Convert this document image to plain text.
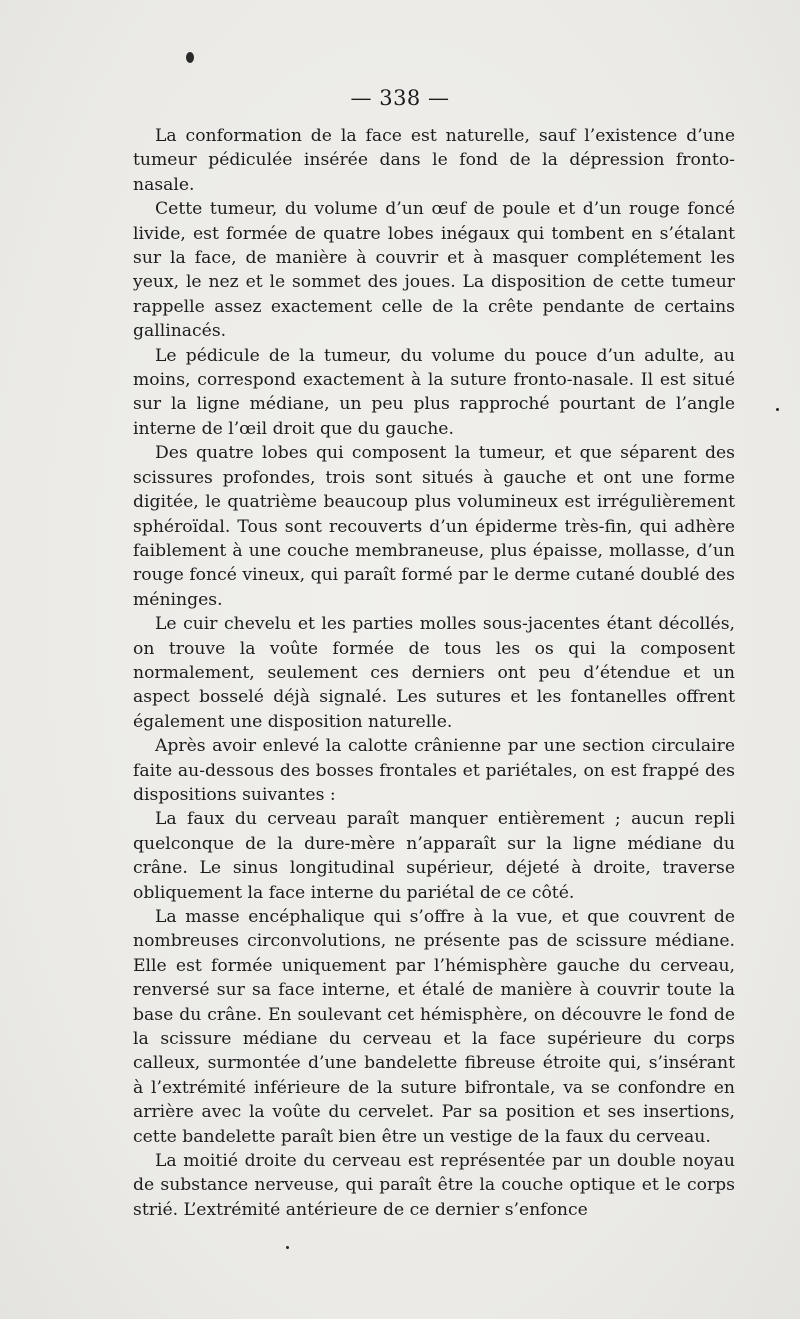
— 338 —

La conformation de la face est naturelle, sauf l’existence d’une tumeur pédiculée insérée dans le fond de la dépression fronto-nasale.

Cette tumeur, du volume d’un œuf de poule et d’un rouge foncé livide, est formée de quatre lobes inégaux qui tombent en s’étalant sur la face, de manière à couvrir et à masquer complétement les yeux, le nez et le sommet des joues. La disposition de cette tumeur rappelle assez exactement celle de la crête pendante de certains gallinacés.

Le pédicule de la tumeur, du volume du pouce d’un adulte, au moins, correspond exactement à la suture fronto-nasale. Il est situé sur la ligne médiane, un peu plus rapproché pourtant de l’angle interne de l’œil droit que du gauche.

Des quatre lobes qui composent la tumeur, et que séparent des scissures profondes, trois sont situés à gauche et ont une forme digitée, le quatrième beaucoup plus volumineux est irrégulièrement sphéroïdal. Tous sont recouverts d’un épiderme très-fin, qui adhère faiblement à une couche membraneuse, plus épaisse, mollasse, d’un rouge foncé vineux, qui paraît formé par le derme cutané doublé des méninges.

Le cuir chevelu et les parties molles sous-jacentes étant décollés, on trouve la voûte formée de tous les os qui la composent normalement, seulement ces derniers ont peu d’étendue et un aspect bosselé déjà signalé. Les sutures et les fontanelles offrent également une disposition naturelle.

Après avoir enlevé la calotte crânienne par une section circulaire faite au-dessous des bosses frontales et pariétales, on est frappé des dispositions suivantes :

La faux du cerveau paraît manquer entièrement ; aucun repli quelconque de la dure-mère n’apparaît sur la ligne médiane du crâne. Le sinus longitudinal supérieur, déjeté à droite, traverse obliquement la face interne du pariétal de ce côté.

La masse encéphalique qui s’offre à la vue, et que couvrent de nombreuses circonvolutions, ne présente pas de scissure médiane. Elle est formée uniquement par l’hémisphère gauche du cerveau, renversé sur sa face interne, et étalé de manière à couvrir toute la base du crâne. En soulevant cet hémisphère, on découvre le fond de la scissure médiane du cerveau et la face supérieure du corps calleux, surmontée d’une bandelette fibreuse étroite qui, s’insérant à l’extrémité inférieure de la suture bifrontale, va se confondre en arrière avec la voûte du cervelet. Par sa position et ses insertions, cette bandelette paraît bien être un vestige de la faux du cerveau.

La moitié droite du cerveau est représentée par un double noyau de substance nerveuse, qui paraît être la couche optique et le corps strié. L’extrémité antérieure de ce dernier s’enfonce
